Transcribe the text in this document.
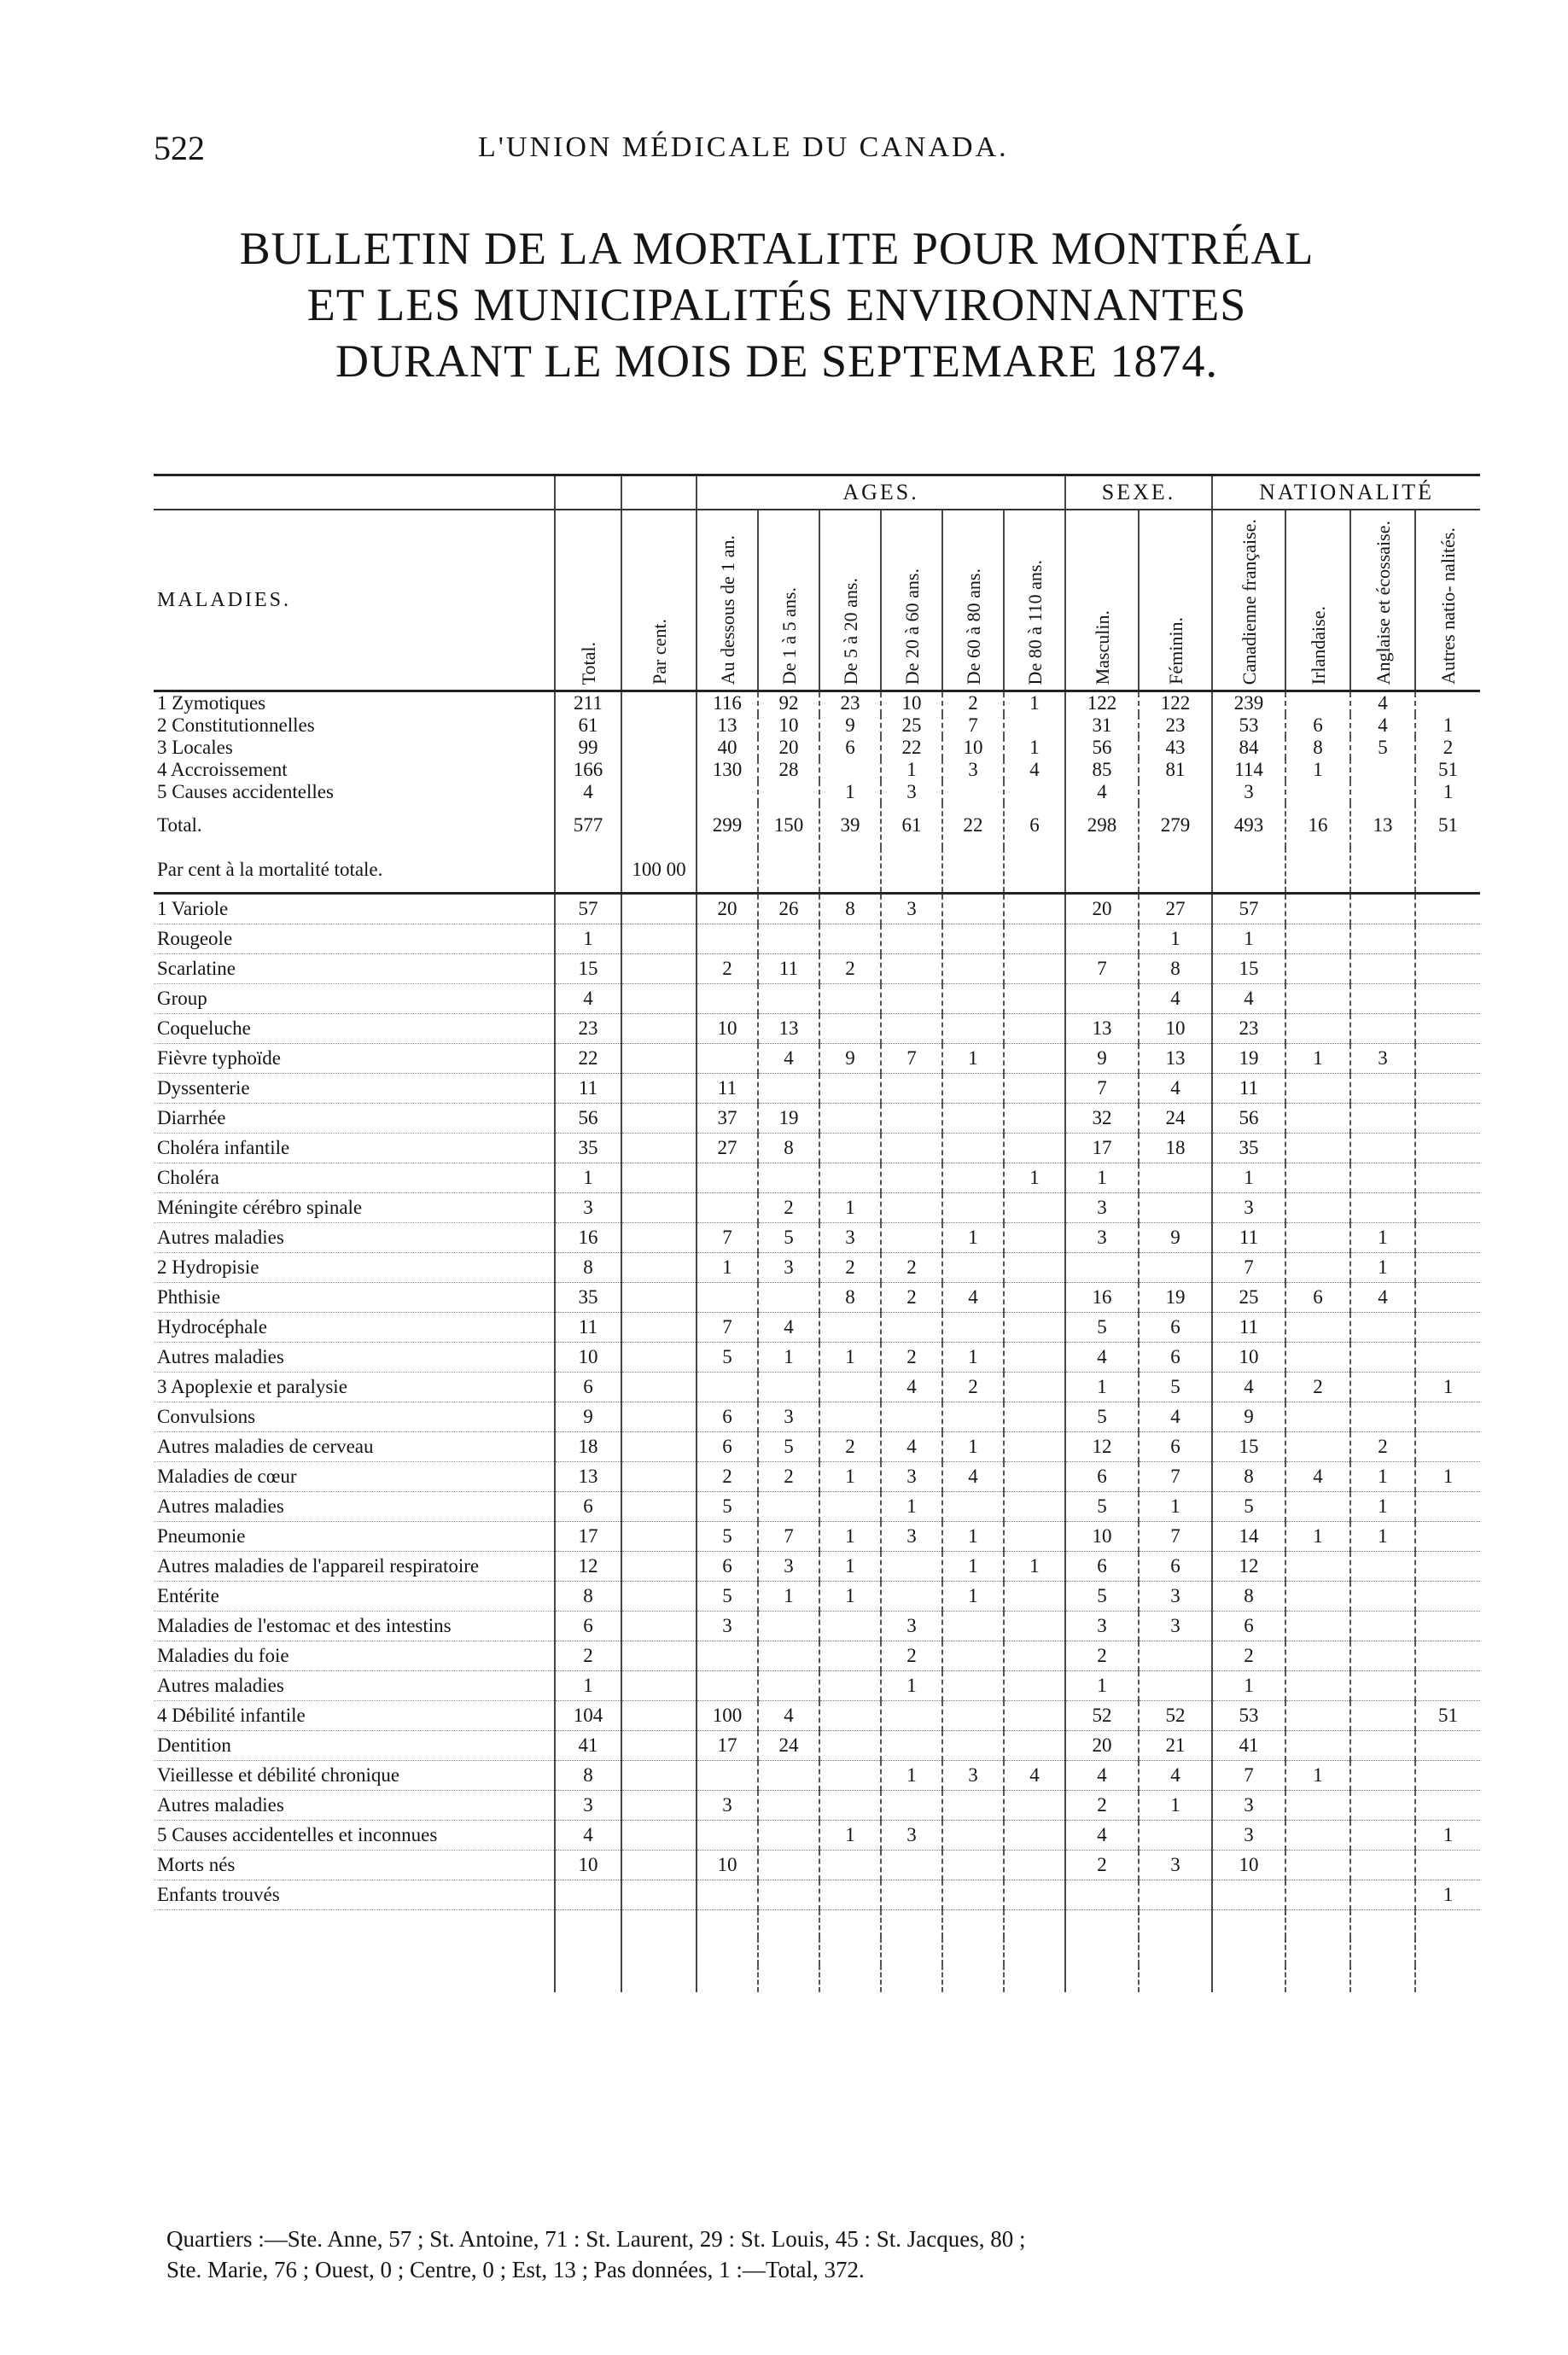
522	L'UNION MÉDICALE DU CANADA.
BULLETIN DE LA MORTALITE POUR MONTRÉAL
ET LES MUNICIPALITÉS ENVIRONNANTES
DURANT LE MOIS DE SEPTEMARE 1874.
			AGES.						SEXE.		NATIONALITÉ			
MALADIES.	Total.	Par cent.	Au dessous de 1 an.	De 1 à 5 ans.	De 5 à 20 ans.	De 20 à 60 ans.	De 60 à 80 ans.	De 80 à 110 ans.	Masculin.	Féminin.	Canadienne française.	Irlandaise.	Anglaise et écossaise.	Autres natio- nalités.
1 Zymotiques	211		116	92	23	10	2	1	122	122	239		4	
2 Constitutionnelles	61		13	10	9	25	7		31	23	53	6	4	1
3 Locales	99		40	20	6	22	10	1	56	43	84	8	5	2
4 Accroissement	166		130	28		1	3	4	85	81	114	1		51
5 Causes accidentelles	4				1	3			4		3			1
Total.	577		299	150	39	61	22	6	298	279	493	16	13	51
Par cent à la mortalité totale.		100 00												
1 Variole	57		20	26	8	3			20	27	57			
Rougeole	1									1	1			
Scarlatine	15		2	11	2				7	8	15			
Group	4									4	4			
Coqueluche	23		10	13					13	10	23			
Fièvre typhoïde	22			4	9	7	1		9	13	19	1	3	
Dyssenterie	11		11						7	4	11			
Diarrhée	56		37	19					32	24	56			
Choléra infantile	35		27	8					17	18	35			
Choléra	1							1	1		1			
Méningite cérébro spinale	3			2	1				3		3			
Autres maladies	16		7	5	3		1		3	9	11		1	
2 Hydropisie	8		1	3	2	2					7		1	
Phthisie	35				8	2	4		16	19	25	6	4	
Hydrocéphale	11		7	4					5	6	11			
Autres maladies	10		5	1	1	2	1		4	6	10			
3 Apoplexie et paralysie	6					4	2		1	5	4	2		1
Convulsions	9		6	3					5	4	9			
Autres maladies de cerveau	18		6	5	2	4	1		12	6	15		2	
Maladies de cœur	13		2	2	1	3	4		6	7	8	4	1	1
Autres maladies	6		5			1			5	1	5		1	
Pneumonie	17		5	7	1	3	1		10	7	14	1	1	
Autres maladies de l'appareil respiratoire	12		6	3	1		1	1	6	6	12			
Entérite	8		5	1	1		1		5	3	8			
Maladies de l'estomac et des intestins	6		3			3			3	3	6			
Maladies du foie	2					2			2		2			
Autres maladies	1					1			1		1			
4 Débilité infantile	104		100	4					52	52	53			51
Dentition	41		17	24					20	21	41			
Vieillesse et débilité chronique	8					1	3	4	4	4	7	1		
Autres maladies	3		3						2	1	3			
5 Causes accidentelles et inconnues	4				1	3			4		3			1
Morts nés	10		10						2	3	10			
Enfants trouvés														1

Quartiers :—Ste. Anne, 57 ; St. Antoine, 71 : St. Laurent, 29 : St. Louis, 45 : St. Jacques, 80 ;
Ste. Marie, 76 ; Ouest, 0 ; Centre, 0 ; Est, 13 ; Pas données, 1 :—Total, 372.
